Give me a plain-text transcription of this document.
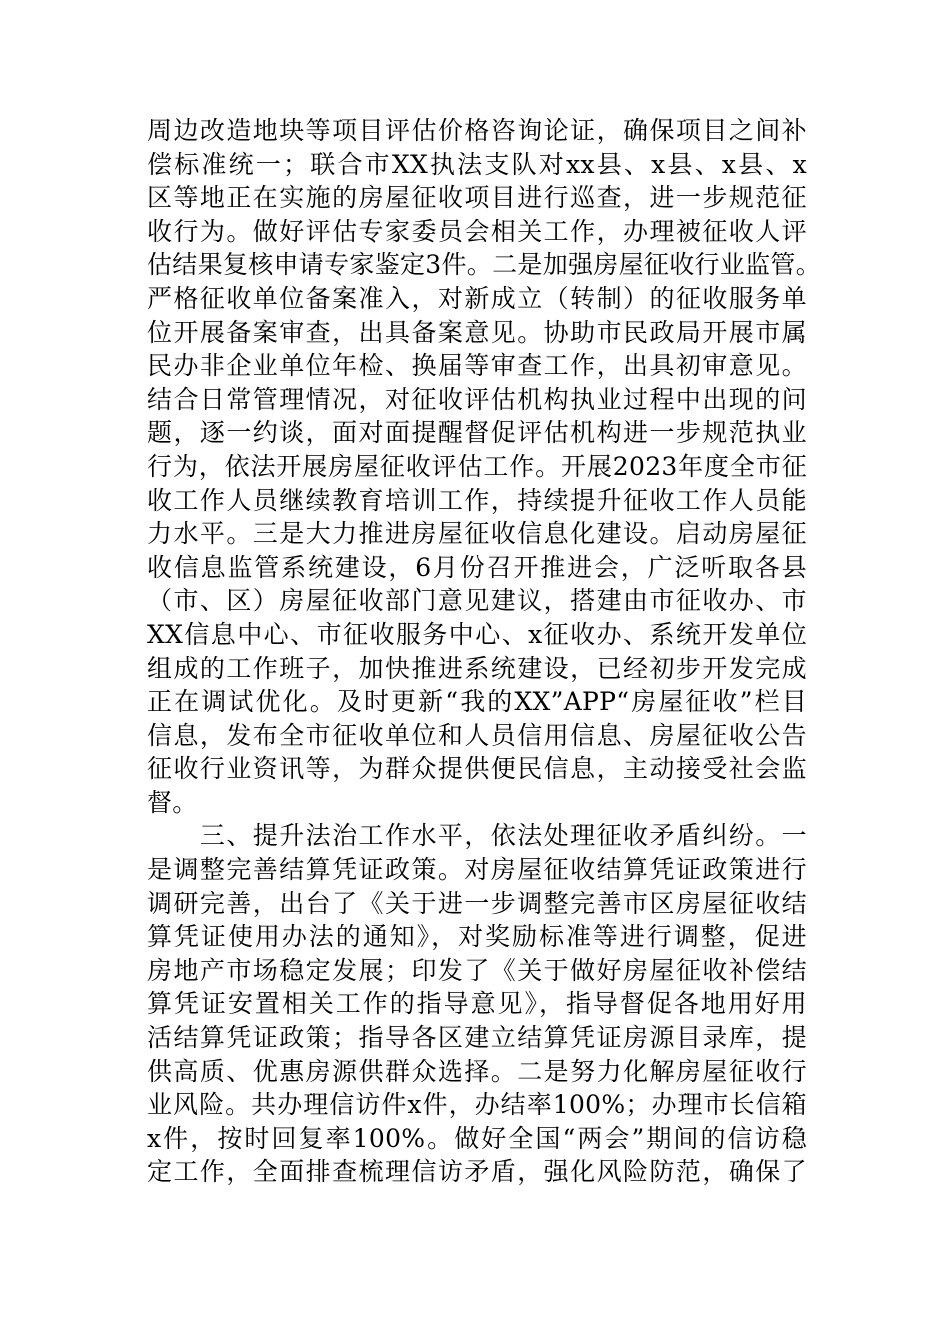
周边改造地块等项目评估价格咨询论证，确保项目之间补
偿标准统一；联合市XX执法支队对xx县、x县、x县、x
区等地正在实施的房屋征收项目进行巡查，进一步规范征
收行为。做好评估专家委员会相关工作，办理被征收人评
估结果复核申请专家鉴定3件。二是加强房屋征收行业监管。
严格征收单位备案准入，对新成立（转制）的征收服务单
位开展备案审查，出具备案意见。协助市民政局开展市属
民办非企业单位年检、换届等审查工作，出具初审意见。
结合日常管理情况，对征收评估机构执业过程中出现的问
题，逐一约谈，面对面提醒督促评估机构进一步规范执业
行为，依法开展房屋征收评估工作。开展2023年度全市征
收工作人员继续教育培训工作，持续提升征收工作人员能
力水平。三是大力推进房屋征收信息化建设。启动房屋征
收信息监管系统建设，6月份召开推进会，广泛听取各县
（市、区）房屋征收部门意见建议，搭建由市征收办、市
XX信息中心、市征收服务中心、x征收办、系统开发单位
组成的工作班子，加快推进系统建设，已经初步开发完成
正在调试优化。及时更新“我的XX”APP“房屋征收”栏目
信息，发布全市征收单位和人员信用信息、房屋征收公告
征收行业资讯等，为群众提供便民信息，主动接受社会监
督。
　　三、提升法治工作水平，依法处理征收矛盾纠纷。一
是调整完善结算凭证政策。对房屋征收结算凭证政策进行
调研完善，出台了《关于进一步调整完善市区房屋征收结
算凭证使用办法的通知》，对奖励标准等进行调整，促进
房地产市场稳定发展；印发了《关于做好房屋征收补偿结
算凭证安置相关工作的指导意见》，指导督促各地用好用
活结算凭证政策；指导各区建立结算凭证房源目录库，提
供高质、优惠房源供群众选择。二是努力化解房屋征收行
业风险。共办理信访件x件，办结率100%；办理市长信箱
x件，按时回复率100%。做好全国“两会”期间的信访稳
定工作，全面排查梳理信访矛盾，强化风险防范，确保了
